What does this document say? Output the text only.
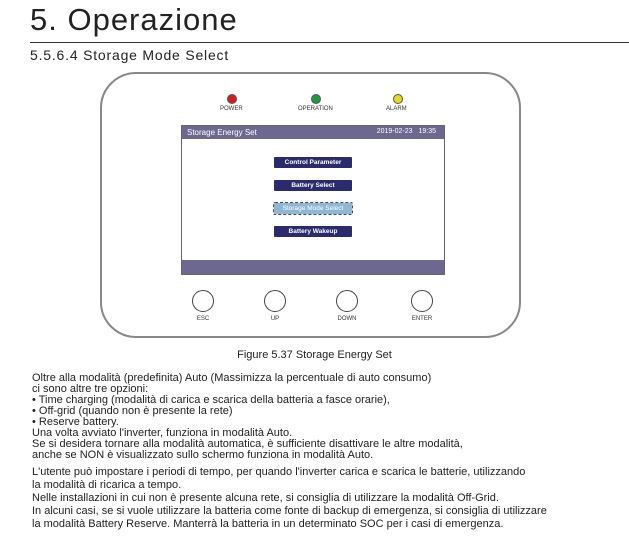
5. Operazione
5.5.6.4 Storage Mode Select
POWER	OPERATION	ALARM
Storage Energy Set	2019-02-23 19:35
Control Parameter
Battery Select
Storage Mode Select
Battery Wakeup
ESC	UP	DOWN	ENTER
Figure 5.37 Storage Energy Set
Oltre alla modalità (predefinita) Auto (Massimizza la percentuale di auto consumo)
ci sono altre tre opzioni:
• Time charging (modalità di carica e scarica della batteria a fasce orarie),
• Off-grid (quando non è presente la rete)
• Reserve battery.
Una volta avviato l'inverter, funziona in modalità Auto.
Se si desidera tornare alla modalità automatica, è sufficiente disattivare le altre modalità,
anche se NON è visualizzato sullo schermo funziona in modalità Auto.
L'utente può impostare i periodi di tempo, per quando l'inverter carica e scarica le batterie, utilizzando
la modalità di ricarica a tempo.
Nelle installazioni in cui non è presente alcuna rete, si consiglia di utilizzare la modalità Off-Grid.
In alcuni casi, se si vuole utilizzare la batteria come fonte di backup di emergenza, si consiglia di utilizzare
la modalità Battery Reserve. Manterrà la batteria in un determinato SOC per i casi di emergenza.
